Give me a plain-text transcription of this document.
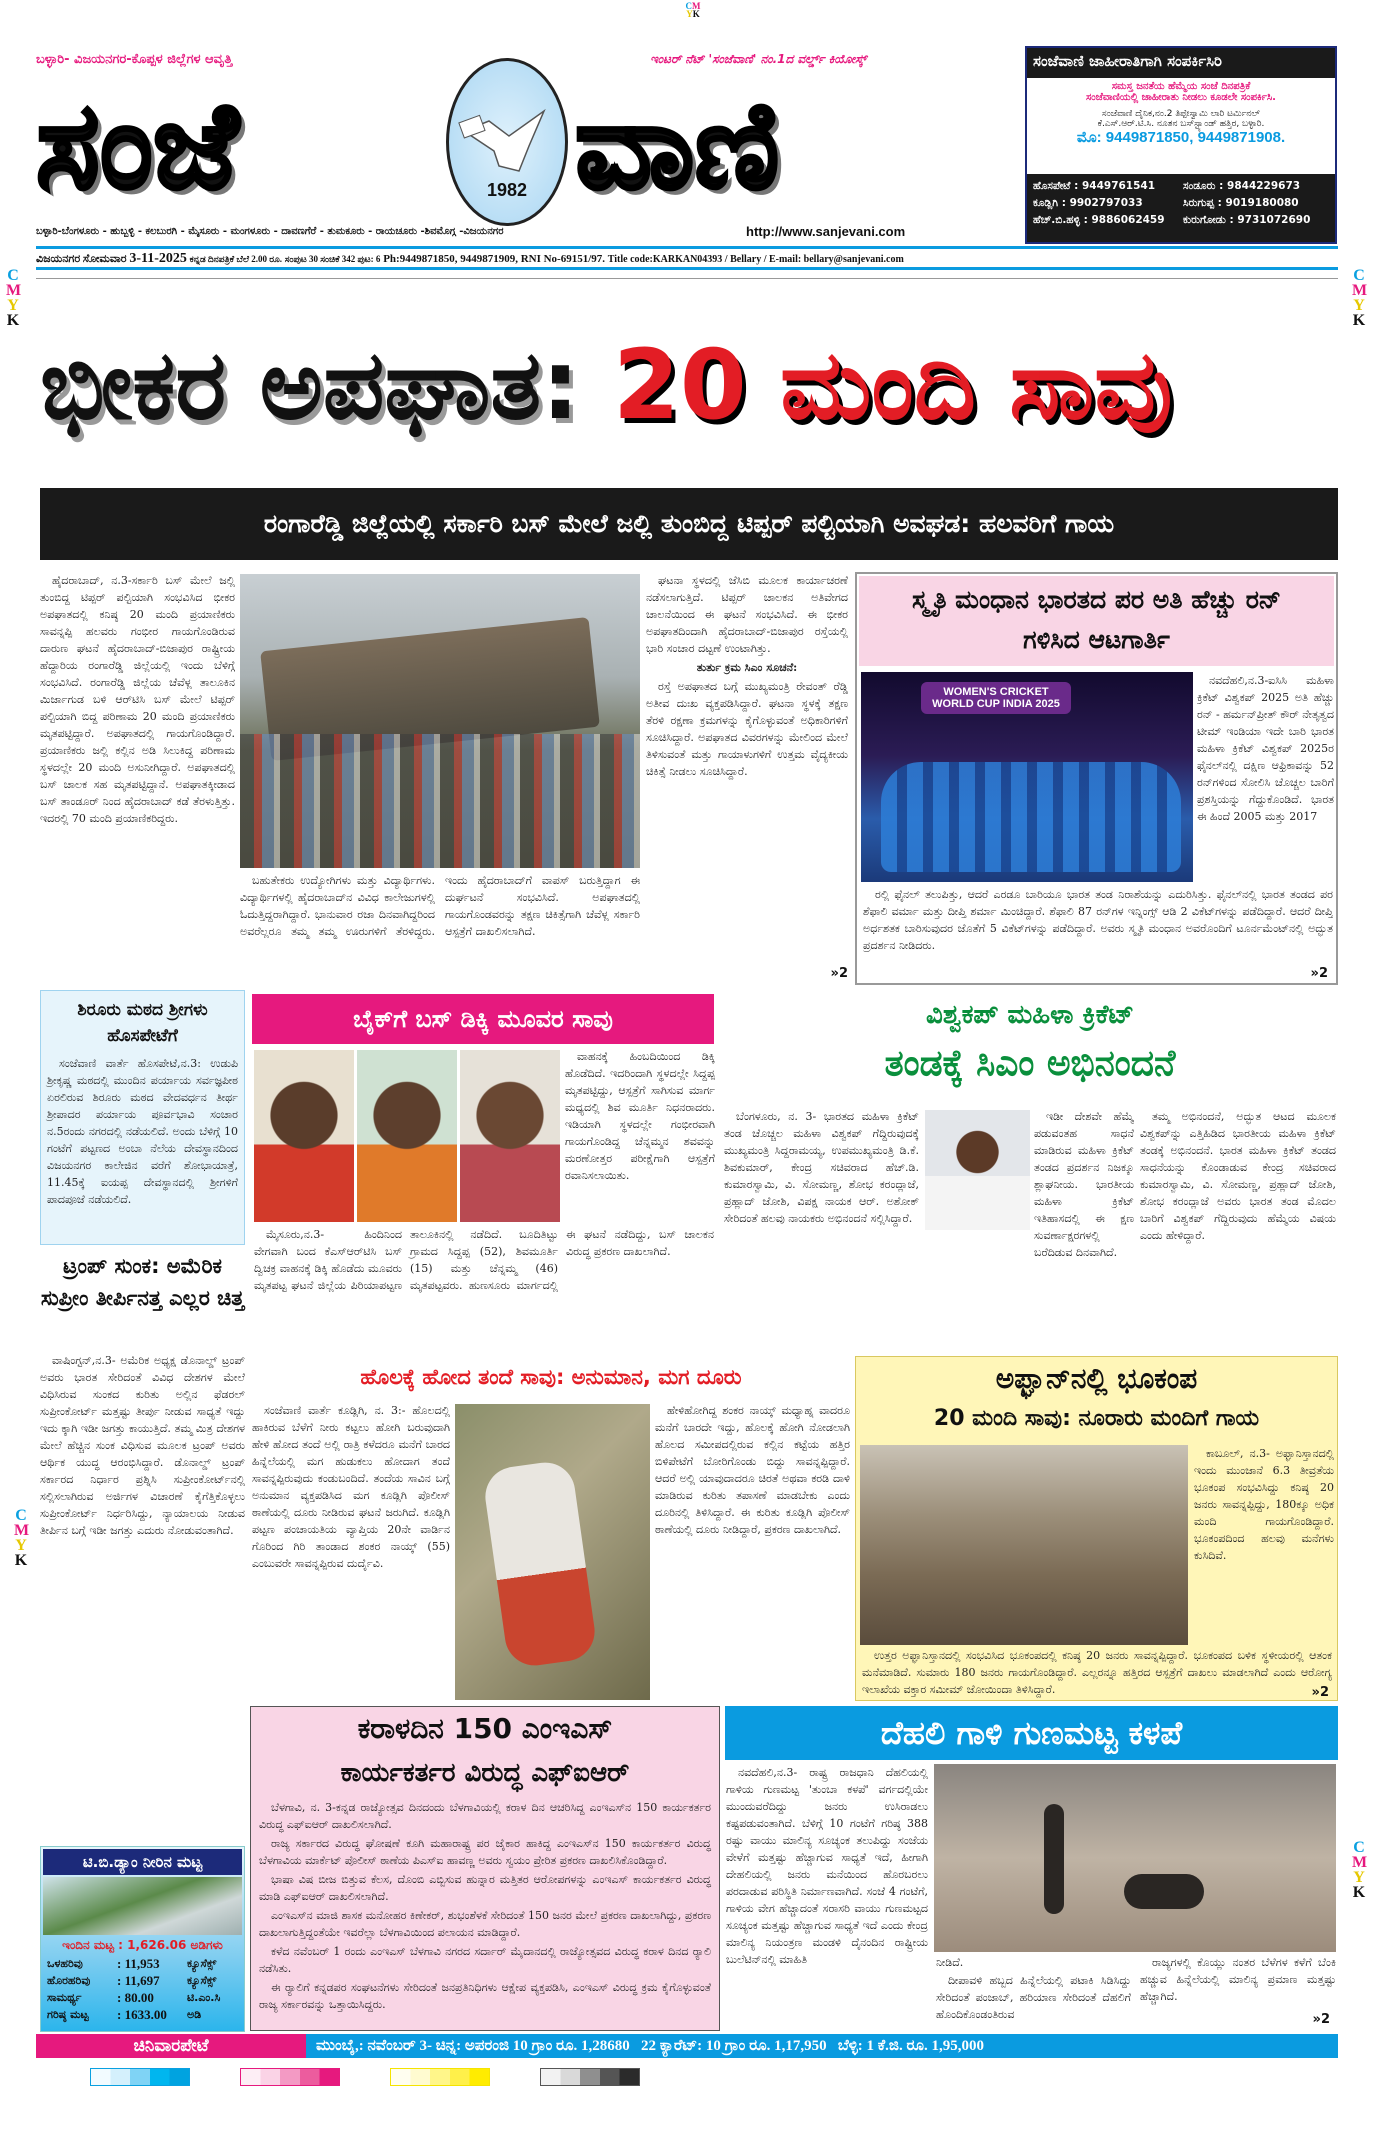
CM
YK
C
M
Y
K
C
M
Y
K
C
M
Y
K
C
M
Y
K
ಬಳ್ಳಾರಿ- ವಿಜಯನಗರ-ಕೊಪ್ಪಳ ಜಿಲ್ಲೆಗಳ ಆವೃತ್ತಿ	ಇಂಟರ್ ನೆಟ್ 'ಸಂಜೆವಾಣಿ' ನಂ.1ದ ವರ್ಲ್ಡ್ ಕಿಯೋಸ್ಕ್
ಸಂಜೆ	1982 ವಾಣಿ
ಬಳ್ಳಾರಿ-ಬೆಂಗಳೂರು - ಹುಬ್ಬಳ್ಳಿ - ಕಲಬುರಗಿ - ಮೈಸೂರು - ಮಂಗಳೂರು - ದಾವಣಗೆರೆ - ತುಮಕೂರು - ರಾಯಚೂರು -ಶಿವಮೊಗ್ಗ -ವಿಜಯನಗರ	http://www.sanjevani.com
ಸಂಜೆವಾಣಿ ಜಾಹೀರಾತಿಗಾಗಿ ಸಂಪರ್ಕಿಸಿರಿ
ಸಮಸ್ತ ಜನತೆಯ ಹೆಮ್ಮೆಯ ಸಂಜೆ ದಿನಪತ್ರಿಕೆ
ಸಂಜೆವಾಣಿಯಲ್ಲಿ ಜಾಹೀರಾತು ನೀಡಲು ಕೂಡಲೇ ಸಂಪರ್ಕಿಸಿ.
ಸಂಜೆವಾಣಿ ದೈನಿಕ,ನಂ.2 ತಿಪ್ಪೇಸ್ವಾಮಿ ಲಾರಿ ಟರ್ಮಿನಲ್
ಕೆ.ಎಸ್.ಆರ್.ಟಿ.ಸಿ. ನೂತನ ಬಸ್‌ಸ್ಟ್ಯಾಂಡ್ ಹತ್ತಿರ, ಬಳ್ಳಾರಿ.
ಮೊ: 9449871850, 9449871908.
ಹೊಸಪೇಟೆ : 9449761541	ಸಂಡೂರು : 9844229673
ಕೂಡ್ಲಿಗಿ : 9902797033	ಸಿರುಗುಪ್ಪ : 9019180080
ಹೆಚ್.ಬಿ.ಹಳ್ಳಿ : 9886062459	ಕುರುಗೋಡು : 9731072690
ವಿಜಯನಗರ ಸೋಮವಾರ 3-11-2025 ಕನ್ನಡ ದಿನಪತ್ರಿಕೆ ಬೆಲೆ 2.00 ರೂ. ಸಂಪುಟ 30 ಸಂಚಿಕೆ 342 ಪುಟ: 6 Ph:9449871850, 9449871909, RNI No-69151/97. Title code:KARKAN04393 / Bellary / E-mail: bellary@sanjevani.com
ಭೀಕರ ಅಪಘಾತ: 20 ಮಂದಿ ಸಾವು
ರಂಗಾರೆಡ್ಡಿ ಜಿಲ್ಲೆಯಲ್ಲಿ ಸರ್ಕಾರಿ ಬಸ್ ಮೇಲೆ ಜಲ್ಲಿ ತುಂಬಿದ್ದ ಟಿಪ್ಪರ್ ಪಲ್ಟಿಯಾಗಿ ಅವಘಡ: ಹಲವರಿಗೆ ಗಾಯ

ಹೈದರಾಬಾದ್, ನ.3-ಸರ್ಕಾರಿ ಬಸ್ ಮೇಲೆ ಜಲ್ಲಿ ತುಂಬಿದ್ದ ಟಿಪ್ಪರ್ ಪಲ್ಟಿಯಾಗಿ ಸಂಭವಿಸಿದ ಭೀಕರ ಅಪಘಾತದಲ್ಲಿ ಕನಿಷ್ಠ 20 ಮಂದಿ ಪ್ರಯಾಣಿಕರು ಸಾವನ್ನಪ್ಪಿ ಹಲವರು ಗಂಭೀರ ಗಾಯಗೊಂಡಿರುವ ದಾರುಣ ಘಟನೆ ಹೈದರಾಬಾದ್-ಬಿಜಾಪುರ ರಾಷ್ಟ್ರೀಯ ಹೆದ್ದಾರಿಯ ರಂಗಾರೆಡ್ಡಿ ಜಿಲ್ಲೆಯಲ್ಲಿ ಇಂದು ಬೆಳಿಗ್ಗೆ ಸಂಭವಿಸಿದೆ. ರಂಗಾರೆಡ್ಡಿ ಜಿಲ್ಲೆಯ ಚೆವೆಳ್ಲ ತಾಲೂಕಿನ ಮಿರ್ಜಾಗುಡ ಬಳಿ ಆರ್‌ಟಿಸಿ ಬಸ್ ಮೇಲೆ ಟಿಪ್ಪರ್ ಪಲ್ಟಿಯಾಗಿ ಬಿದ್ದ ಪರಿಣಾಮ 20 ಮಂದಿ ಪ್ರಯಾಣಿಕರು ಮೃತಪಟ್ಟಿದ್ದಾರೆ. ಅಪಘಾತದಲ್ಲಿ ಗಾಯಗೊಂಡಿದ್ದಾರೆ. ಪ್ರಯಾಣಿಕರು ಜಲ್ಲಿ ಕಲ್ಲಿನ ಅಡಿ ಸಿಲುಕಿದ್ದ ಪರಿಣಾಮ ಸ್ಥಳದಲ್ಲೇ 20 ಮಂದಿ ಅಸುನೀಗಿದ್ದಾರೆ. ಅಪಘಾತದಲ್ಲಿ ಬಸ್ ಚಾಲಕ ಸಹ ಮೃತಪಟ್ಟಿದ್ದಾನೆ. ಅಪಘಾತಕ್ಕೀಡಾದ ಬಸ್ ತಾಂಡೂರ್ ನಿಂದ ಹೈದರಾಬಾದ್ ಕಡೆ ತೆರಳುತ್ತಿತ್ತು. ಇದರಲ್ಲಿ 70 ಮಂದಿ ಪ್ರಯಾಣಿಕರಿದ್ದರು.

ಬಹುತೇಕರು ಉದ್ಯೋಗಿಗಳು ಮತ್ತು ವಿದ್ಯಾರ್ಥಿಗಳು. ವಿದ್ಯಾರ್ಥಿಗಳಲ್ಲಿ ಹೈದರಾಬಾದ್‌ನ ವಿವಿಧ ಕಾಲೇಜುಗಳಲ್ಲಿ ಓದುತ್ತಿದ್ದರಾಗಿದ್ದಾರೆ. ಭಾನುವಾರ ರಜಾ ದಿನವಾಗಿದ್ದರಿಂದ ಅವರೆಲ್ಲರೂ ತಮ್ಮ ತಮ್ಮ ಊರುಗಳಿಗೆ ತೆರಳಿದ್ದರು. ಇಂದು ಹೈದರಾಬಾದ್‌ಗೆ ವಾಪಸ್ ಬರುತ್ತಿದ್ದಾಗ ಈ ದುರ್ಘಟನೆ ಸಂಭವಿಸಿದೆ. ಅಪಘಾತದಲ್ಲಿ ಗಾಯಗೊಂಡವರನ್ನು ತಕ್ಷಣ ಚಿಕಿತ್ಸೆಗಾಗಿ ಚೆವೆಳ್ಲ ಸರ್ಕಾರಿ ಆಸ್ಪತ್ರೆಗೆ ದಾಖಲಿಸಲಾಗಿದೆ.

ಘಟನಾ ಸ್ಥಳದಲ್ಲಿ ಜೆಸಿಬಿ ಮೂಲಕ ಕಾರ್ಯಾಚರಣೆ ನಡೆಸಲಾಗುತ್ತಿದೆ. ಟಿಪ್ಪರ್ ಚಾಲಕನ ಅತಿವೇಗದ ಚಾಲನೆಯಿಂದ ಈ ಘಟನೆ ಸಂಭವಿಸಿದೆ. ಈ ಭೀಕರ ಅಪಘಾತದಿಂದಾಗಿ ಹೈದರಾಬಾದ್-ಬಿಜಾಪುರ ರಸ್ತೆಯಲ್ಲಿ ಭಾರಿ ಸಂಚಾರ ದಟ್ಟಣೆ ಉಂಟಾಗಿತ್ತು.

ತುರ್ತು ಕ್ರಮ ಸಿಎಂ ಸೂಚನೆ:

ರಸ್ತೆ ಅಪಘಾತದ ಬಗ್ಗೆ ಮುಖ್ಯಮಂತ್ರಿ ರೇವಂತ್ ರೆಡ್ಡಿ ಅತೀವ ದುಃಖ ವ್ಯಕ್ತಪಡಿಸಿದ್ದಾರೆ. ಘಟನಾ ಸ್ಥಳಕ್ಕೆ ತಕ್ಷಣ ತೆರಳಿ ರಕ್ಷಣಾ ಕ್ರಮಗಳನ್ನು ಕೈಗೊಳ್ಳುವಂತೆ ಅಧಿಕಾರಿಗಳಿಗೆ ಸೂಚಿಸಿದ್ದಾರೆ. ಅಪಘಾತದ ವಿವರಗಳನ್ನು ಮೇಲಿಂದ ಮೇಲೆ ತಿಳಿಸುವಂತೆ ಮತ್ತು ಗಾಯಾಳುಗಳಿಗೆ ಉತ್ತಮ ವೈದ್ಯಕೀಯ ಚಿಕಿತ್ಸೆ ನೀಡಲು ಸೂಚಿಸಿದ್ದಾರೆ.

»2
ಸ್ಮೃತಿ ಮಂಧಾನ ಭಾರತದ ಪರ ಅತಿ ಹೆಚ್ಚು ರನ್ ಗಳಿಸಿದ ಆಟಗಾರ್ತಿ
WOMEN'S CRICKET WORLD CUP INDIA 2025

ನವದೆಹಲಿ,ನ.3-ಐಸಿಸಿ ಮಹಿಳಾ ಕ್ರಿಕೆಟ್ ವಿಶ್ವಕಪ್ 2025 ಅತಿ ಹೆಚ್ಚು ರನ್ - ಹರ್ಮನ್‌ಪ್ರೀತ್ ಕೌರ್ ನೇತೃತ್ವದ ಟೀಮ್ ಇಂಡಿಯಾ ಇದೇ ಬಾರಿ ಭಾರತ ಮಹಿಳಾ ಕ್ರಿಕೆಟ್ ವಿಶ್ವಕಪ್ 2025ರ ಫೈನಲ್‌ನಲ್ಲಿ ದಕ್ಷಿಣ ಆಫ್ರಿಕಾವನ್ನು 52 ರನ್‌ಗಳಿಂದ ಸೋಲಿಸಿ ಚೊಚ್ಚಲ ಬಾರಿಗೆ ಪ್ರಶಸ್ತಿಯನ್ನು ಗೆದ್ದುಕೊಂಡಿದೆ. ಭಾರತ ಈ ಹಿಂದೆ 2005 ಮತ್ತು 2017

ರಲ್ಲಿ ಫೈನಲ್ ತಲುಪಿತ್ತು, ಆದರೆ ಎರಡೂ ಬಾರಿಯೂ ಭಾರತ ತಂಡ ನಿರಾಶೆಯನ್ನು ಎದುರಿಸಿತ್ತು. ಫೈನಲ್‌ನಲ್ಲಿ ಭಾರತ ತಂಡದ ಪರ ಶೆಫಾಲಿ ವರ್ಮಾ ಮತ್ತು ದೀಪ್ತಿ ಶರ್ಮಾ ಮಿಂಚಿದ್ದಾರೆ. ಶೆಫಾಲಿ 87 ರನ್‌ಗಳ ಇನ್ನಿಂಗ್ಸ್ ಆಡಿ 2 ವಿಕೆಟ್‌ಗಳನ್ನು ಪಡೆದಿದ್ದಾರೆ. ಆದರೆ ದೀಪ್ತಿ ಅರ್ಧಶತಕ ಬಾರಿಸುವುದರ ಜೊತೆಗೆ 5 ವಿಕೆಟ್‌ಗಳನ್ನು ಪಡೆದಿದ್ದಾರೆ. ಅವರು ಸ್ಮೃತಿ ಮಂಧಾನ ಅವರೊಂದಿಗೆ ಟೂರ್ನಮೆಂಟ್‌ನಲ್ಲಿ ಅದ್ಭುತ ಪ್ರದರ್ಶನ ನೀಡಿದರು.

»2
ಶಿರೂರು ಮಠದ ಶ್ರೀಗಳು ಹೊಸಪೇಟೆಗೆ

ಸಂಜೆವಾಣಿ ವಾರ್ತೆ ಹೊಸಪೇಟೆ,ನ.3: ಉಡುಪಿ ಶ್ರೀಕೃಷ್ಣ ಮಠದಲ್ಲಿ ಮುಂದಿನ ಪರ್ಯಾಯ ಸರ್ವಜ್ಞಪೀಠ ಏರಲಿರುವ ಶಿರೂರು ಮಠದ ವೇದವರ್ಧನ ತೀರ್ಥ ಶ್ರೀಪಾದರ ಪರ್ಯಾಯ ಪೂರ್ವಭಾವಿ ಸಂಚಾರ ನ.5ರಂದು ನಗರದಲ್ಲಿ ನಡೆಯಲಿದೆ. ಅಂದು ಬೆಳಿಗ್ಗೆ 10 ಗಂಟೆಗೆ ಪಟ್ಟಣದ ಅಂಬಾ ನೆಲೆಯ ದೇವಸ್ಥಾನದಿಂದ ವಿಜಯನಗರ ಕಾಲೇಜಿನ ವರೆಗೆ ಶೋಭಾಯಾತ್ರೆ, 11.45ಕ್ಕೆ ಐಯಪ್ಪ ದೇವಸ್ಥಾನದಲ್ಲಿ ಶ್ರೀಗಳಿಗೆ ಪಾದಪೂಜೆ ನಡೆಯಲಿದೆ.

ಟ್ರಂಪ್ ಸುಂಕ: ಅಮೆರಿಕ ಸುಪ್ರೀಂ ತೀರ್ಪಿನತ್ತ ಎಲ್ಲರ ಚಿತ್ತ

ವಾಷಿಂಗ್ಟನ್,ನ.3- ಅಮೆರಿಕ ಅಧ್ಯಕ್ಷ ಡೊನಾಲ್ಡ್ ಟ್ರಂಪ್ ಅವರು ಭಾರತ ಸೇರಿದಂತೆ ವಿವಿಧ ದೇಶಗಳ ಮೇಲೆ ವಿಧಿಸಿರುವ ಸುಂಕದ ಕುರಿತು ಅಲ್ಲಿನ ಫೆಡರಲ್ ಸುಪ್ರೀಂಕೋರ್ಟ್ ಮತ್ತಷ್ಟು ತೀರ್ಪು ನೀಡುವ ಸಾಧ್ಯತೆ ಇದ್ದು ಇದು ಕ್ಕಾಗಿ ಇಡೀ ಜಗತ್ತು ಕಾಯುತ್ತಿದೆ. ತಮ್ಮ ಮಿತ್ರ ದೇಶಗಳ ಮೇಲೆ ಹೆಚ್ಚಿನ ಸುಂಕ ವಿಧಿಸುವ ಮೂಲಕ ಟ್ರಂಪ್ ಅವರು ಆರ್ಥಿಕ ಯುದ್ಧ ಆರಂಭಿಸಿದ್ದಾರೆ. ಡೊನಾಲ್ಡ್ ಟ್ರಂಪ್ ಸರ್ಕಾರದ ನಿರ್ಧಾರ ಪ್ರಶ್ನಿಸಿ ಸುಪ್ರೀಂಕೋರ್ಟ್‌ನಲ್ಲಿ ಸಲ್ಲಿಸಲಾಗಿರುವ ಅರ್ಜಿಗಳ ವಿಚಾರಣೆ ಕೈಗೆತ್ತಿಕೊಳ್ಳಲು ಸುಪ್ರೀಂಕೋರ್ಟ್ ನಿರ್ಧರಿಸಿದ್ದು, ನ್ಯಾಯಾಲಯ ನೀಡುವ ತೀರ್ಪಿನ ಬಗ್ಗೆ ಇಡೀ ಜಗತ್ತು ಎದುರು ನೋಡುವಂತಾಗಿದೆ.

ಬೈಕ್‌ಗೆ ಬಸ್ ಡಿಕ್ಕಿ ಮೂವರ ಸಾವು

ವಾಹನಕ್ಕೆ ಹಿಂಬದಿಯಿಂದ ಡಿಕ್ಕಿ ಹೊಡೆದಿದೆ. ಇದರಿಂದಾಗಿ ಸ್ಥಳದಲ್ಲೇ ಸಿದ್ದಪ್ಪ ಮೃತಪಟ್ಟಿದ್ದು, ಆಸ್ಪತ್ರೆಗೆ ಸಾಗಿಸುವ ಮಾರ್ಗ ಮಧ್ಯದಲ್ಲಿ ಶಿವ ಮೂರ್ತಿ ನಿಧನರಾದರು. ಇಡಿಯಾಗಿ ಸ್ಥಳದಲ್ಲೇ ಗಂಭೀರವಾಗಿ ಗಾಯಗೊಂಡಿದ್ದ ಚೆನ್ನಮ್ಮನ ಶವವನ್ನು ಮರಣೋತ್ತರ ಪರೀಕ್ಷೆಗಾಗಿ ಆಸ್ಪತ್ರೆಗೆ ರವಾನಿಸಲಾಯಿತು.

ಮೈಸೂರು,ನ.3- ಹಿಂದಿನಿಂದ ವೇಗವಾಗಿ ಬಂದ ಕೆಎಸ್‌ಆರ್‌ಟಿಸಿ ಬಸ್ ದ್ವಿಚಕ್ರ ವಾಹನಕ್ಕೆ ಡಿಕ್ಕಿ ಹೊಡೆದು ಮೂವರು ಮೃತಪಟ್ಟ ಘಟನೆ ಜಿಲ್ಲೆಯ ಪಿರಿಯಾಪಟ್ಟಣ ತಾಲೂಕಿನಲ್ಲಿ ನಡೆದಿದೆ. ಬೂದಿತಿಟ್ಟು ಗ್ರಾಮದ ಸಿದ್ದಪ್ಪ (52), ಶಿವಮೂರ್ತಿ (15) ಮತ್ತು ಚೆನ್ನಮ್ಮ (46) ಮೃತಪಟ್ಟವರು. ಹುಣಸೂರು ಮಾರ್ಗದಲ್ಲಿ ಈ ಘಟನೆ ನಡೆದಿದ್ದು, ಬಸ್ ಚಾಲಕನ ವಿರುದ್ಧ ಪ್ರಕರಣ ದಾಖಲಾಗಿದೆ.

ವಿಶ್ವಕಪ್ ಮಹಿಳಾ ಕ್ರಿಕೆಟ್
ತಂಡಕ್ಕೆ ಸಿಎಂ ಅಭಿನಂದನೆ

ಬೆಂಗಳೂರು, ನ. 3- ಭಾರತದ ಮಹಿಳಾ ಕ್ರಿಕೆಟ್ ತಂಡ ಚೊಚ್ಚಲ ಮಹಿಳಾ ವಿಶ್ವಕಪ್ ಗೆದ್ದಿರುವುದಕ್ಕೆ ಮುಖ್ಯಮಂತ್ರಿ ಸಿದ್ದರಾಮಯ್ಯ, ಉಪಮುಖ್ಯಮಂತ್ರಿ ಡಿ.ಕೆ. ಶಿವಕುಮಾರ್, ಕೇಂದ್ರ ಸಚಿವರಾದ ಹೆಚ್.ಡಿ. ಕುಮಾರಸ್ವಾಮಿ, ವಿ. ಸೋಮಣ್ಣ, ಶೋಭ ಕರಂದ್ಲಾಜೆ, ಪ್ರಹ್ಲಾದ್ ಜೋಶಿ, ವಿಪಕ್ಷ ನಾಯಕ ಆರ್. ಅಶೋಕ್ ಸೇರಿದಂತೆ ಹಲವು ನಾಯಕರು ಅಭಿನಂದನೆ ಸಲ್ಲಿಸಿದ್ದಾರೆ.

ಇಡೀ ದೇಶವೇ ಹೆಮ್ಮೆ ಪಡುವಂತಹ ಸಾಧನೆ ಮಾಡಿರುವ ಮಹಿಳಾ ಕ್ರಿಕೆಟ್ ತಂಡದ ಪ್ರದರ್ಶನ ನಿಜಕ್ಕೂ ಶ್ಲಾಘನೀಯ. ಭಾರತೀಯ ಮಹಿಳಾ ಕ್ರಿಕೆಟ್ ಇತಿಹಾಸದಲ್ಲಿ ಈ ಕ್ಷಣ ಸುವರ್ಣಾಕ್ಷರಗಳಲ್ಲಿ ಬರೆದಿಡುವ ದಿನವಾಗಿದೆ.

ತಮ್ಮ ಅಭಿನಂದನೆ, ಅದ್ಭುತ ಆಟದ ಮೂಲಕ ವಿಶ್ವಕಪ್‌ನ್ನು ಎತ್ತಿಹಿಡಿದ ಭಾರತೀಯ ಮಹಿಳಾ ಕ್ರಿಕೆಟ್ ತಂಡಕ್ಕೆ ಅಭಿನಂದನೆ. ಭಾರತ ಮಹಿಳಾ ಕ್ರಿಕೆಟ್ ತಂಡದ ಸಾಧನೆಯನ್ನು ಕೊಂಡಾಡುವ ಕೇಂದ್ರ ಸಚಿವರಾದ ಕುಮಾರಸ್ವಾಮಿ, ವಿ. ಸೋಮಣ್ಣ, ಪ್ರಹ್ಲಾದ್ ಜೋಶಿ, ಶೋಭ ಕರಂದ್ಲಾಜೆ ಅವರು ಭಾರತ ತಂಡ ಮೊದಲ ಬಾರಿಗೆ ವಿಶ್ವಕಪ್ ಗೆದ್ದಿರುವುದು ಹೆಮ್ಮೆಯ ವಿಷಯ ಎಂದು ಹೇಳಿದ್ದಾರೆ.

ಹೊಲಕ್ಕೆ ಹೋದ ತಂದೆ ಸಾವು: ಅನುಮಾನ, ಮಗ ದೂರು

ಸಂಜೆವಾಣಿ ವಾರ್ತೆ ಕೂಡ್ಲಿಗಿ, ನ. 3:- ಹೊಲದಲ್ಲಿ ಹಾಕಿರುವ ಬೆಳೆಗೆ ನೀರು ಕಟ್ಟಲು ಹೋಗಿ ಬರುವುದಾಗಿ ಹೇಳಿ ಹೋದ ತಂದೆ ಅಲ್ಲಿ ರಾತ್ರಿ ಕಳೆದರೂ ಮನೆಗೆ ಬಾರದ ಹಿನ್ನೆಲೆಯಲ್ಲಿ ಮಗ ಹುಡುಕಲು ಹೋದಾಗ ತಂದೆ ಸಾವನ್ನಪ್ಪಿರುವುದು ಕಂಡುಬಂದಿದೆ. ತಂದೆಯ ಸಾವಿನ ಬಗ್ಗೆ ಅನುಮಾನ ವ್ಯಕ್ತಪಡಿಸಿದ ಮಗ ಕೂಡ್ಲಿಗಿ ಪೊಲೀಸ್ ಠಾಣೆಯಲ್ಲಿ ದೂರು ನೀಡಿರುವ ಘಟನೆ ಜರುಗಿದೆ. ಕೂಡ್ಲಿಗಿ ಪಟ್ಟಣ ಪಂಚಾಯತಿಯ ವ್ಯಾಪ್ತಿಯ 20ನೇ ವಾರ್ಡಿನ ಗೊರಿಂದ ಗಿರಿ ತಾಂಡಾದ ಶಂಕರ ನಾಯ್ಕ್ (55) ಎಂಬುವರೇ ಸಾವನ್ನಪ್ಪಿರುವ ದುರ್ದೈವಿ.

ಹೇಳಿಹೋಗಿದ್ದ ಶಂಕರ ನಾಯ್ಕ್ ಮಧ್ಯಾಹ್ನ ವಾದರೂ ಮನೆಗೆ ಬಾರದೇ ಇದ್ದು, ಹೊಲಕ್ಕೆ ಹೋಗಿ ನೋಡಲಾಗಿ ಹೊಲದ ಸಮೀಪದಲ್ಲಿರುವ ಕಲ್ಲಿನ ಕಟ್ಟೆಯ ಹತ್ತಿರ ಬಿಳಿಪೇಟೆಗೆ ಬೋರಿಗೊಂಡು ಬಿದ್ದು ಸಾವನ್ನಪ್ಪಿದ್ದಾರೆ. ಆದರೆ ಅಲ್ಲಿ ಯಾವುದಾದರೂ ಚಿರತೆ ಅಥವಾ ಕರಡಿ ದಾಳಿ ಮಾಡಿರುವ ಕುರಿತು ತಪಾಸಣೆ ಮಾಡಬೇಕು ಎಂದು ದೂರಿನಲ್ಲಿ ತಿಳಿಸಿದ್ದಾರೆ. ಈ ಕುರಿತು ಕೂಡ್ಲಿಗಿ ಪೊಲೀಸ್ ಠಾಣೆಯಲ್ಲಿ ದೂರು ನೀಡಿದ್ದಾರೆ, ಪ್ರಕರಣ ದಾಖಲಾಗಿದೆ.

ಅಫ್ಘಾನ್‌ನಲ್ಲಿ ಭೂಕಂಪ
20 ಮಂದಿ ಸಾವು: ನೂರಾರು ಮಂದಿಗೆ ಗಾಯ

ಕಾಬೂಲ್, ನ.3- ಅಫ್ಘಾನಿಸ್ತಾನದಲ್ಲಿ ಇಂದು ಮುಂಜಾನೆ 6.3 ತೀವ್ರತೆಯ ಭೂಕಂಪ ಸಂಭವಿಸಿದ್ದು ಕನಿಷ್ಠ 20 ಜನರು ಸಾವನ್ನಪ್ಪಿದ್ದು, 180ಕ್ಕೂ ಅಧಿಕ ಮಂದಿ ಗಾಯಗೊಂಡಿದ್ದಾರೆ. ಭೂಕಂಪದಿಂದ ಹಲವು ಮನೆಗಳು ಕುಸಿದಿವೆ.

ಉತ್ತರ ಅಫ್ಘಾನಿಸ್ತಾನದಲ್ಲಿ ಸಂಭವಿಸಿದ ಭೂಕಂಪದಲ್ಲಿ ಕನಿಷ್ಠ 20 ಜನರು ಸಾವನ್ನಪ್ಪಿದ್ದಾರೆ. ಭೂಕಂಪದ ಬಳಿಕ ಸ್ಥಳೀಯರಲ್ಲಿ ಆತಂಕ ಮನೆಮಾಡಿದೆ. ಸುಮಾರು 180 ಜನರು ಗಾಯಗೊಂಡಿದ್ದಾರೆ. ಎಲ್ಲರನ್ನೂ ಹತ್ತಿರದ ಆಸ್ಪತ್ರೆಗೆ ದಾಖಲು ಮಾಡಲಾಗಿದೆ ಎಂದು ಆರೋಗ್ಯ ಇಲಾಖೆಯ ವಕ್ತಾರ ಸಮೀಮ್ ಜೋಯಿಂದಾ ತಿಳಿಸಿದ್ದಾರೆ.	»2
ಕರಾಳದಿನ 150 ಎಂಇಎಸ್
ಕಾರ್ಯಕರ್ತರ ವಿರುದ್ಧ ಎಫ್‌ಐಆರ್

ಬೆಳಗಾವಿ, ನ. 3-ಕನ್ನಡ ರಾಜ್ಯೋತ್ಸವ ದಿನದಂದು ಬೆಳಗಾವಿಯಲ್ಲಿ ಕರಾಳ ದಿನ ಆಚರಿಸಿದ್ದ ಎಂಇಎಸ್‌ನ 150 ಕಾರ್ಯಕರ್ತರ ವಿರುದ್ಧ ಎಫ್‌ಐಆರ್ ದಾಖಲಿಸಲಾಗಿದೆ.

ರಾಜ್ಯ ಸರ್ಕಾರದ ವಿರುದ್ಧ ಘೋಷಣೆ ಕೂಗಿ ಮಹಾರಾಷ್ಟ್ರ ಪರ ಜೈಕಾರ ಹಾಕಿದ್ದ ಎಂಇಎಸ್‌ನ 150 ಕಾರ್ಯಕರ್ತರ ವಿರುದ್ಧ ಬೆಳಗಾವಿಯ ಮಾರ್ಕೆಟ್ ಪೊಲೀಸ್ ಠಾಣೆಯ ಪಿಎಸ್‌ಐ ಹಾವಣ್ಣ ಅವರು ಸ್ವಯಂ ಪ್ರೇರಿತ ಪ್ರಕರಣ ದಾಖಲಿಸಿಕೊಂಡಿದ್ದಾರೆ.

ಭಾಷಾ ವಿಷ ಬೀಜ ಬಿತ್ತುವ ಕೆಲಸ, ದೊಂಬಿ ಎಬ್ಬಿಸುವ ಹುನ್ನಾರ ಮತ್ತಿತರ ಆರೋಪಗಳನ್ನು ಎಂಇಎಸ್ ಕಾರ್ಯಕರ್ತರ ವಿರುದ್ಧ ಮಾಡಿ ಎಫ್‌ಐಆರ್ ದಾಖಲಿಸಲಾಗಿದೆ.

ಎಂಇಎಸ್‌ನ ಮಾಜಿ ಶಾಸಕ ಮನೋಹರ ಕಿಣೇಕರ್, ಶುಭಂಶೆಳಕೆ ಸೇರಿದಂತೆ 150 ಜನರ ಮೇಲೆ ಪ್ರಕರಣ ದಾಖಲಾಗಿದ್ದು, ಪ್ರಕರಣ ದಾಖಲಾಗುತ್ತಿದ್ದಂತೆಯೇ ಇವರೆಲ್ಲಾ ಬೆಳಗಾವಿಯಿಂದ ಪಲಾಯನ ಮಾಡಿದ್ದಾರೆ.

ಕಳೆದ ನವೆಂಬರ್ 1 ರಂದು ಎಂಇಎಸ್ ಬೆಳಗಾವಿ ನಗರದ ಸರ್ದಾರ್ ಮೈದಾನದಲ್ಲಿ ರಾಜ್ಯೋತ್ಸವದ ವಿರುದ್ಧ ಕರಾಳ ದಿನದ ರ್‍ಯಾಲಿ ನಡೆಸಿತು.

ಈ ರ್‍ಯಾಲಿಗೆ ಕನ್ನಡಪರ ಸಂಘಟನೆಗಳು ಸೇರಿದಂತೆ ಜನಪ್ರತಿನಿಧಿಗಳು ಆಕ್ಷೇಪ ವ್ಯಕ್ತಪಡಿಸಿ, ಎಂಇಎಸ್ ವಿರುದ್ಧ ಕ್ರಮ ಕೈಗೊಳ್ಳುವಂತೆ ರಾಜ್ಯ ಸರ್ಕಾರವನ್ನು ಒತ್ತಾಯಿಸಿದ್ದರು.

ದೆಹಲಿ ಗಾಳಿ ಗುಣಮಟ್ಟ ಕಳಪೆ

ನವದೆಹಲಿ,ನ.3- ರಾಷ್ಟ್ರ ರಾಜಧಾನಿ ದೆಹಲಿಯಲ್ಲಿ ಗಾಳಿಯ ಗುಣಮಟ್ಟ 'ತುಂಬಾ ಕಳಪೆ' ವರ್ಗದಲ್ಲಿಯೇ ಮುಂದುವರೆದಿದ್ದು ಜನರು ಉಸಿರಾಡಲು ಕಷ್ಟಪಡುವಂತಾಗಿದೆ. ಬೆಳಿಗ್ಗೆ 10 ಗಂಟೆಗೆ ಗರಿಷ್ಠ 388 ರಷ್ಟು ವಾಯು ಮಾಲಿನ್ಯ ಸೂಚ್ಯಂಕ ತಲುಪಿದ್ದು ಸಂಜೆಯ ವೇಳೆಗೆ ಮತ್ತಷ್ಟು ಹೆಚ್ಚಾಗುವ ಸಾಧ್ಯತೆ ಇದೆ, ಹೀಗಾಗಿ ದೇಹಲಿಯಲ್ಲಿ ಜನರು ಮನೆಯಿಂದ ಹೊರಬರಲು ಪರದಾಡುವ ಪರಿಸ್ಥಿತಿ ನಿರ್ಮಾಣವಾಗಿದೆ. ಸಂಜೆ 4 ಗಂಟೆಗೆ, ಗಾಳಿಯ ವೇಗ ಹೆಚ್ಚಾದಂತೆ ಸರಾಸರಿ ವಾಯು ಗುಣಮಟ್ಟದ ಸೂಚ್ಯಂಕ ಮತ್ತಷ್ಟು ಹೆಚ್ಚಾಗುವ ಸಾಧ್ಯತೆ ಇದೆ ಎಂದು ಕೇಂದ್ರ ಮಾಲಿನ್ಯ ನಿಯಂತ್ರಣ ಮಂಡಳಿ ದೈನಂದಿನ ರಾಷ್ಟ್ರೀಯ ಬುಲೆಟಿನ್‌ನಲ್ಲಿ ಮಾಹಿತಿ	ನೀಡಿದೆ.

ದೀಪಾವಳಿ ಹಬ್ಬದ ಹಿನ್ನೆಲೆಯಲ್ಲಿ ಪಟಾಕಿ ಸಿಡಿಸಿದ್ದು ಸೇರಿದಂತೆ ಪಂಜಾಬ್, ಹರಿಯಾಣ ಸೇರಿದಂತೆ ದೆಹಲಿಗೆ ಹೊಂದಿಕೊಂಡಂತಿರುವ

ರಾಜ್ಯಗಳಲ್ಲಿ ಕೊಯ್ಲು ನಂತರ ಬೆಳೆಗಳ ಕಳೆಗೆ ಬೆಂಕಿ ಹಚ್ಚುವ ಹಿನ್ನೆಲೆಯಲ್ಲಿ ಮಾಲಿನ್ಯ ಪ್ರಮಾಣ ಮತ್ತಷ್ಟು ಹೆಚ್ಚಾಗಿದೆ.

»2
ಟಿ.ಬಿ.ಡ್ಯಾಂ ನೀರಿನ ಮಟ್ಟ
ಇಂದಿನ ಮಟ್ಟ : 1,626.06 ಅಡಿಗಳು
ಒಳಹರಿವು	: 11,953	ಕ್ಯೂಸೆಕ್ಸ್
ಹೊರಹರಿವು	: 11,697	ಕ್ಯೂಸೆಕ್ಸ್
ಸಾಮರ್ಥ್ಯ	: 80.00	ಟಿ.ಎಂ.ಸಿ
ಗರಿಷ್ಠ ಮಟ್ಟ	: 1633.00	ಅಡಿ
ಚಿನಿವಾರಪೇಟೆ	ಮುಂಬೈ,: ನವೆಂಬರ್ 3- ಚಿನ್ನ: ಅಪರಂಜಿ 10 ಗ್ರಾಂ ರೂ. 1,28680   22 ಕ್ಯಾರೆಟ್: 10 ಗ್ರಾಂ ರೂ. 1,17,950   ಬೆಳ್ಳಿ: 1 ಕೆ.ಜಿ. ರೂ. 1,95,000
